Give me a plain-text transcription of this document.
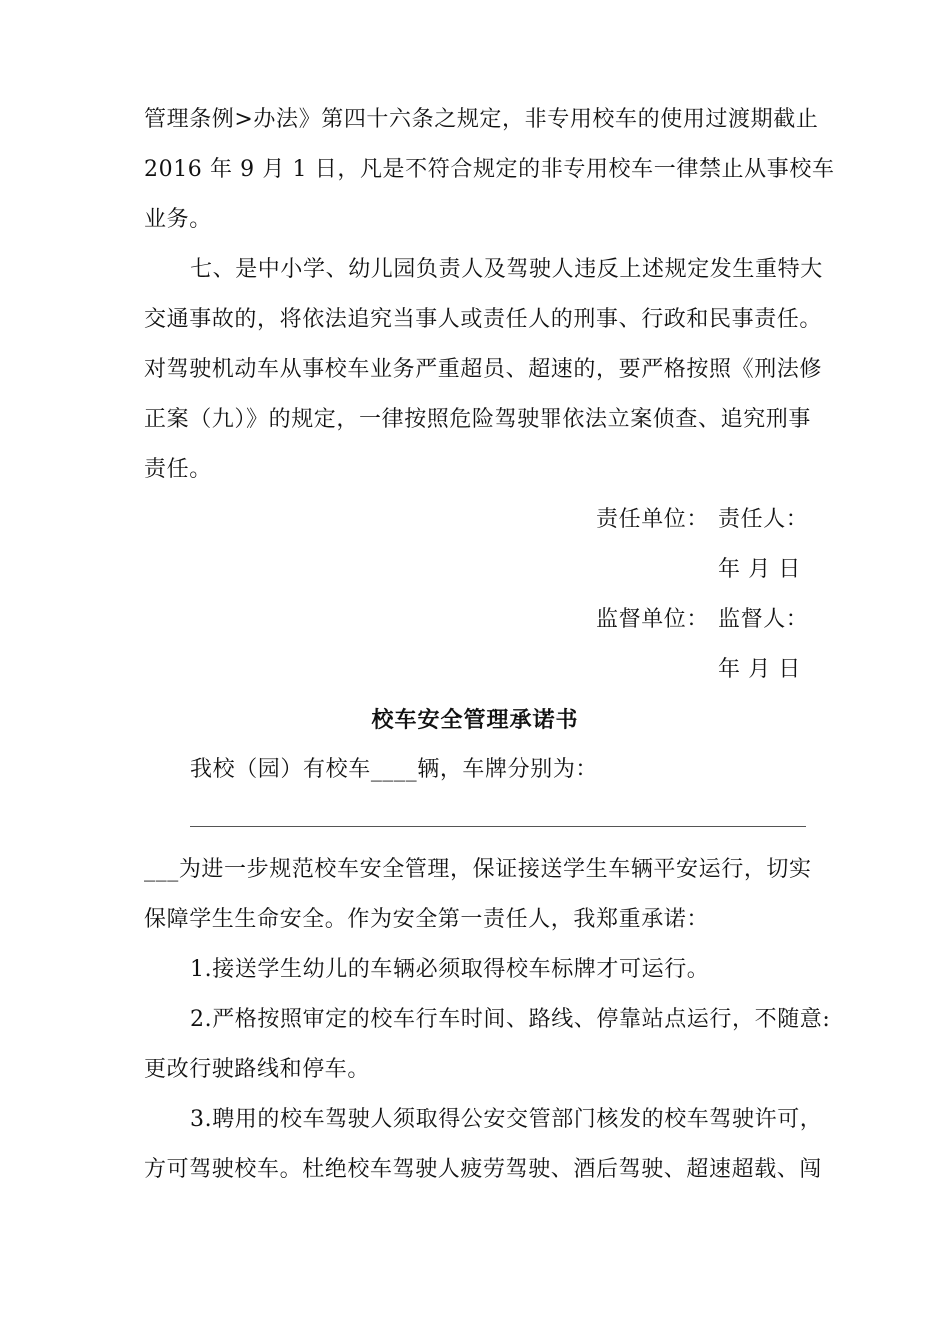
管理条例>办法》第四十六条之规定，非专用校车的使用过渡期截止
2016 年 9 月 1 日，凡是不符合规定的非专用校车一律禁止从事校车
业务。
七、是中小学、幼儿园负责人及驾驶人违反上述规定发生重特大
交通事故的，将依法追究当事人或责任人的刑事、行政和民事责任。
对驾驶机动车从事校车业务严重超员、超速的，要严格按照《刑法修
正案（九）》的规定，一律按照危险驾驶罪依法立案侦查、追究刑事
责任。
责任单位： 责任人：
年 月 日
监督单位： 监督人：
年 月 日
校车安全管理承诺书
我校（园）有校车____辆，车牌分别为：
___为进一步规范校车安全管理，保证接送学生车辆平安运行，切实
保障学生生命安全。作为安全第一责任人，我郑重承诺：
1.接送学生幼儿的车辆必须取得校车标牌才可运行。
2.严格按照审定的校车行车时间、路线、停靠站点运行，不随意:
更改行驶路线和停车。
3.聘用的校车驾驶人须取得公安交管部门核发的校车驾驶许可，
方可驾驶校车。杜绝校车驾驶人疲劳驾驶、酒后驾驶、超速超载、闯
